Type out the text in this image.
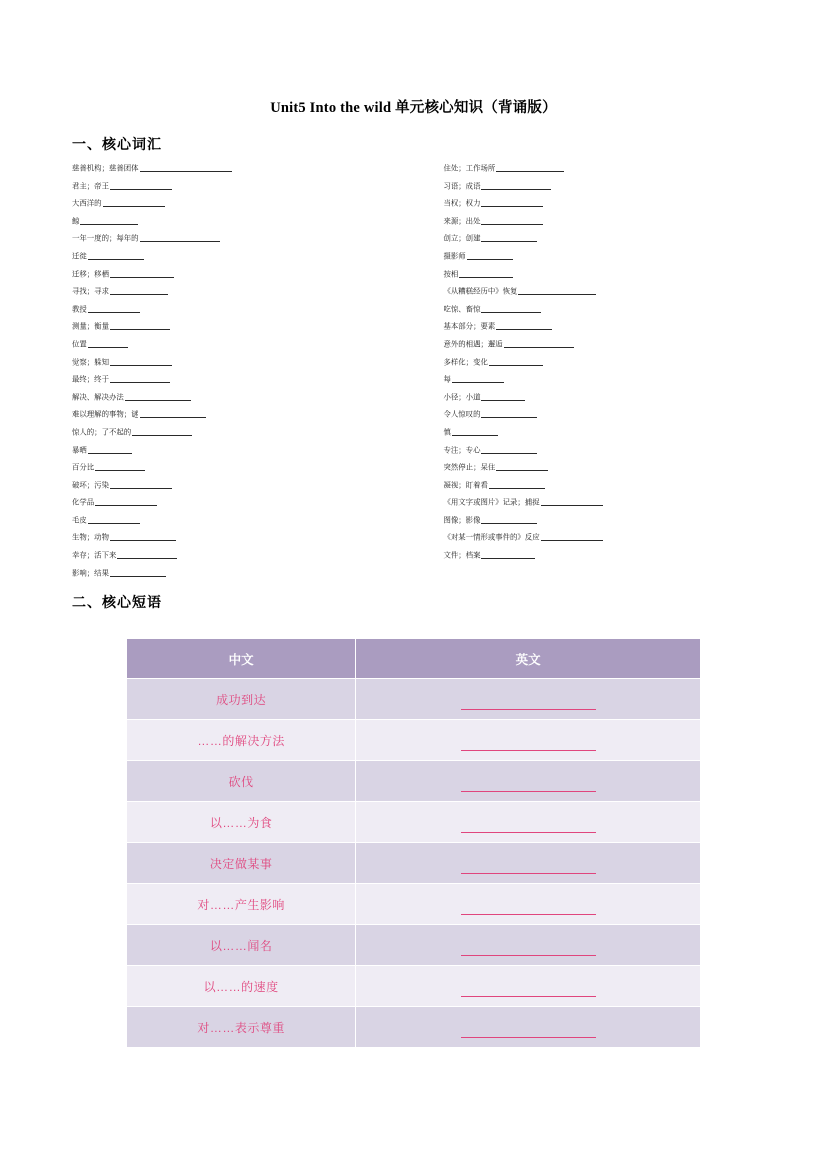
Unit5 Into the wild 单元核心知识（背诵版）
一、核心词汇
慈善机构；慈善团体
君主；帝王
大西洋的
鲸
一年一度的；每年的
迁徙
迁移；移栖
寻找；寻求
教授
测量；衡量
位置
觉察；躲知
最终；终于
解决、解决办法
难以理解的事物；谜
惊人的；了不起的
暴晒
百分比
破坏；污染
化学品
毛皮
生物；动物
幸存；活下来
影响；结果
住处；工作场所
习语；成语
当权；权力
来源；出处
创立；创建
摄影师
按相
《从糟糕经历中》恢复
吃惊、畜惊
基本部分；要素
意外的相遇；邂逅
多样化；变化
每
小径；小道
令人惊叹的
慎
专注；专心
突然停止；呆住
凝视；盯着看
《用文字或图片》记录；捕捉
图像；影像
《对某一情形或事件的》反应
文件；档案
二、核心短语
中文	英文
成功到达	
……的解决方法	
砍伐	
以……为食	
决定做某事	
对……产生影响	
以……闻名	
以……的速度	
对……表示尊重	
